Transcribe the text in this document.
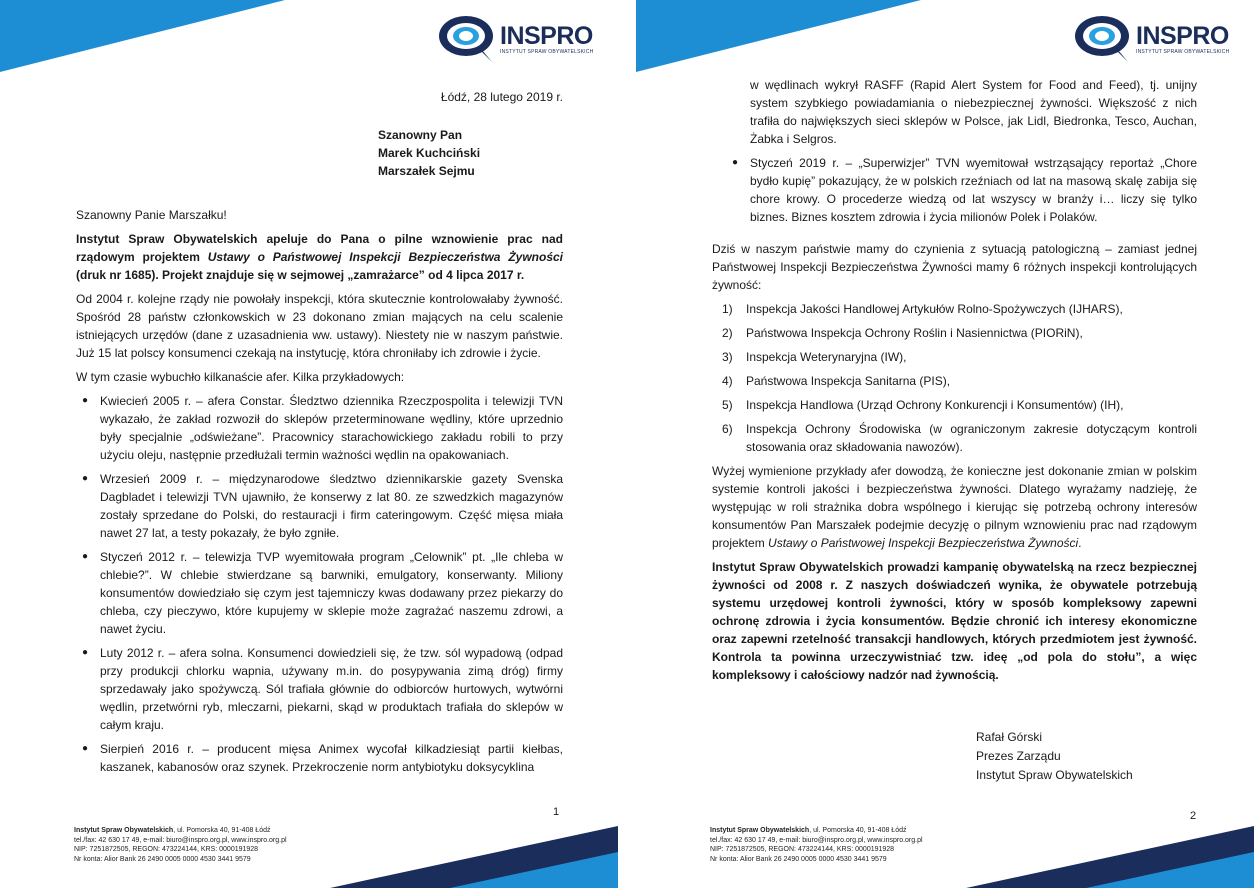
INSPRO
INSTYTUT SPRAW OBYWATELSKICH
Łódź, 28 lutego 2019 r.
Szanowny Pan
Marek Kuchciński
Marszałek Sejmu

Szanowny Panie Marszałku!

Instytut Spraw Obywatelskich apeluje do Pana o pilne wznowienie prac nad rządowym projektem Ustawy o Państwowej Inspekcji Bezpieczeństwa Żywności (druk nr 1685). Projekt znajduje się w sejmowej „zamrażarce” od 4 lipca 2017 r.

Od 2004 r. kolejne rządy nie powołały inspekcji, która skutecznie kontrolowałaby żywność. Spośród 28 państw członkowskich w 23 dokonano zmian mających na celu scalenie istniejących urzędów (dane z uzasadnienia ww. ustawy). Niestety nie w naszym państwie. Już 15 lat polscy konsumenci czekają na instytucję, która chroniłaby ich zdrowie i życie.

W tym czasie wybuchło kilkanaście afer. Kilka przykładowych:

● Kwiecień 2005 r. – afera Constar. Śledztwo dziennika Rzeczpospolita i telewizji TVN wykazało, że zakład rozwoził do sklepów przeterminowane wędliny, które uprzednio były specjalnie „odświeżane”. Pracownicy starachowickiego zakładu robili to przy użyciu oleju, następnie przedłużali termin ważności wędlin na opakowaniach.
● Wrzesień 2009 r. – międzynarodowe śledztwo dziennikarskie gazety Svenska Dagbladet i telewizji TVN ujawniło, że konserwy z lat 80. ze szwedzkich magazynów zostały sprzedane do Polski, do restauracji i firm cateringowym. Część mięsa miała nawet 27 lat, a testy pokazały, że było zgniłe.
● Styczeń 2012 r. – telewizja TVP wyemitowała program „Celownik” pt. „Ile chleba w chlebie?”. W chlebie stwierdzane są barwniki, emulgatory, konserwanty. Miliony konsumentów dowiedziało się czym jest tajemniczy kwas dodawany przez piekarzy do chleba, czy pieczywo, które kupujemy w sklepie może zagrażać naszemu zdrowi, a nawet życiu.
● Luty 2012 r. – afera solna. Konsumenci dowiedzieli się, że tzw. sól wypadową (odpad przy produkcji chlorku wapnia, używany m.in. do posypywania zimą dróg) firmy sprzedawały jako spożywczą. Sól trafiała głównie do odbiorców hurtowych, wytwórni wędlin, przetwórni ryb, mleczarni, piekarni, skąd w produktach trafiała do sklepów w całym kraju.
● Sierpień 2016 r. – producent mięsa Animex wycofał kilkadziesiąt partii kiełbas, kaszanek, kabanosów oraz szynek. Przekroczenie norm antybiotyku doksycyklina
1
Instytut Spraw Obywatelskich, ul. Pomorska 40, 91-408 Łódź
tel./fax: 42 630 17 49, e-mail: biuro@inspro.org.pl, www.inspro.org.pl
NIP: 7251872505, REGON: 473224144, KRS: 0000191928
Nr konta: Alior Bank 26 2490 0005 0000 4530 3441 9579
INSPRO
INSTYTUT SPRAW OBYWATELSKICH

w wędlinach wykrył RASFF (Rapid Alert System for Food and Feed), tj. unijny system szybkiego powiadamiania o niebezpiecznej żywności. Większość z nich trafiła do największych sieci sklepów w Polsce, jak Lidl, Biedronka, Tesco, Auchan, Żabka i Selgros.

● Styczeń 2019 r. – „Superwizjer” TVN wyemitował wstrząsający reportaż „Chore bydło kupię” pokazujący, że w polskich rzeźniach od lat na masową skalę zabija się chore krowy. O procederze wiedzą od lat wszyscy w branży i… liczy się tylko biznes. Biznes kosztem zdrowia i życia milionów Polek i Polaków.

Dziś w naszym państwie mamy do czynienia z sytuacją patologiczną – zamiast jednej Państwowej Inspekcji Bezpieczeństwa Żywności mamy 6 różnych inspekcji kontrolujących żywność:

1) Inspekcja Jakości Handlowej Artykułów Rolno-Spożywczych (IJHARS),
2) Państwowa Inspekcja Ochrony Roślin i Nasiennictwa (PIORiN),
3) Inspekcja Weterynaryjna (IW),
4) Państwowa Inspekcja Sanitarna (PIS),
5) Inspekcja Handlowa (Urząd Ochrony Konkurencji i Konsumentów) (IH),
6) Inspekcja Ochrony Środowiska (w ograniczonym zakresie dotyczącym kontroli stosowania oraz składowania nawozów).

Wyżej wymienione przykłady afer dowodzą, że konieczne jest dokonanie zmian w polskim systemie kontroli jakości i bezpieczeństwa żywności. Dlatego wyrażamy nadzieję, że występując w roli strażnika dobra wspólnego i kierując się potrzebą ochrony interesów konsumentów Pan Marszałek podejmie decyzję o pilnym wznowieniu prac nad rządowym projektem Ustawy o Państwowej Inspekcji Bezpieczeństwa Żywności.

Instytut Spraw Obywatelskich prowadzi kampanię obywatelską na rzecz bezpiecznej żywności od 2008 r. Z naszych doświadczeń wynika, że obywatele potrzebują systemu urzędowej kontroli żywności, który w sposób kompleksowy zapewni ochronę zdrowia i życia konsumentów. Będzie chronić ich interesy ekonomiczne oraz zapewni rzetelność transakcji handlowych, których przedmiotem jest żywność. Kontrola ta powinna urzeczywistniać tzw. ideę „od pola do stołu”, a więc kompleksowy i całościowy nadzór nad żywnością.

Rafał Górski
Prezes Zarządu
Instytut Spraw Obywatelskich
2
Instytut Spraw Obywatelskich, ul. Pomorska 40, 91-408 Łódź
tel./fax: 42 630 17 49, e-mail: biuro@inspro.org.pl, www.inspro.org.pl
NIP: 7251872505, REGON: 473224144, KRS: 0000191928
Nr konta: Alior Bank 26 2490 0005 0000 4530 3441 9579
